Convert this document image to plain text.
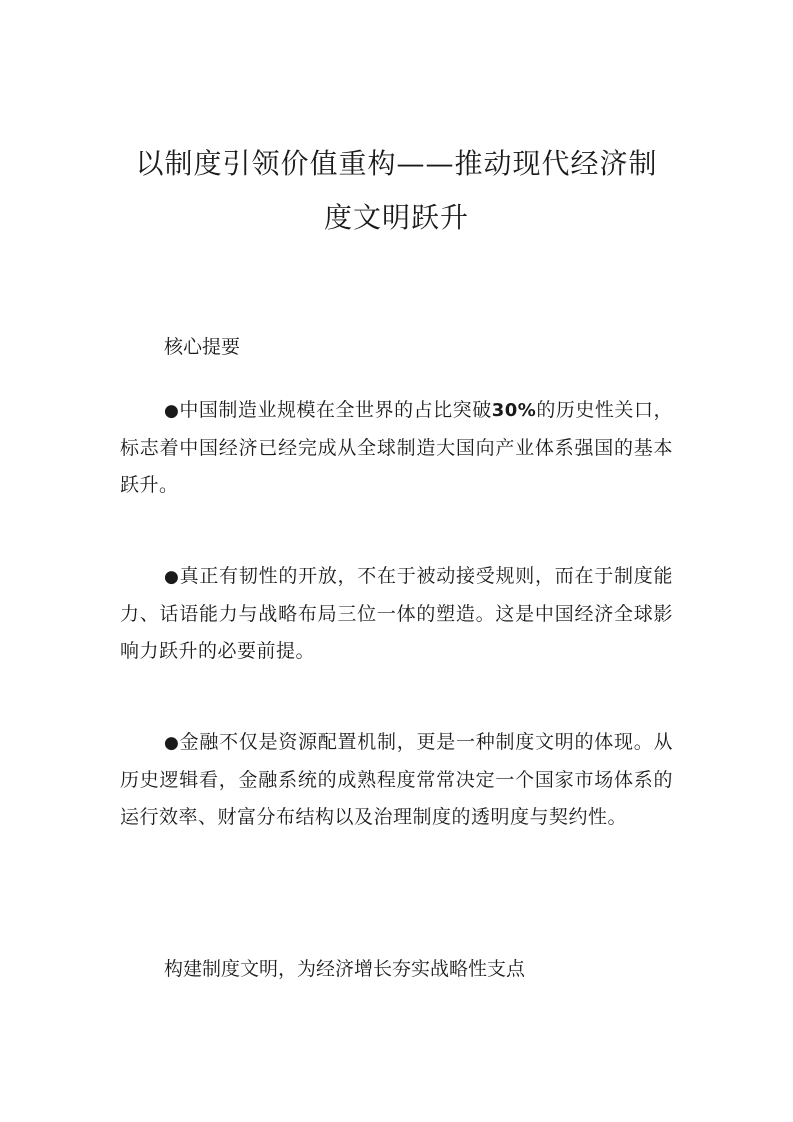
以制度引领价值重构——推动现代经济制
度文明跃升
核心提要

●中国制造业规模在全世界的占比突破30%的历史性关口，标志着中国经济已经完成从全球制造大国向产业体系强国的基本跃升。

●真正有韧性的开放，不在于被动接受规则，而在于制度能力、话语能力与战略布局三位一体的塑造。这是中国经济全球影响力跃升的必要前提。

●金融不仅是资源配置机制，更是一种制度文明的体现。从历史逻辑看，金融系统的成熟程度常常决定一个国家市场体系的运行效率、财富分布结构以及治理制度的透明度与契约性。

构建制度文明，为经济增长夯实战略性支点
